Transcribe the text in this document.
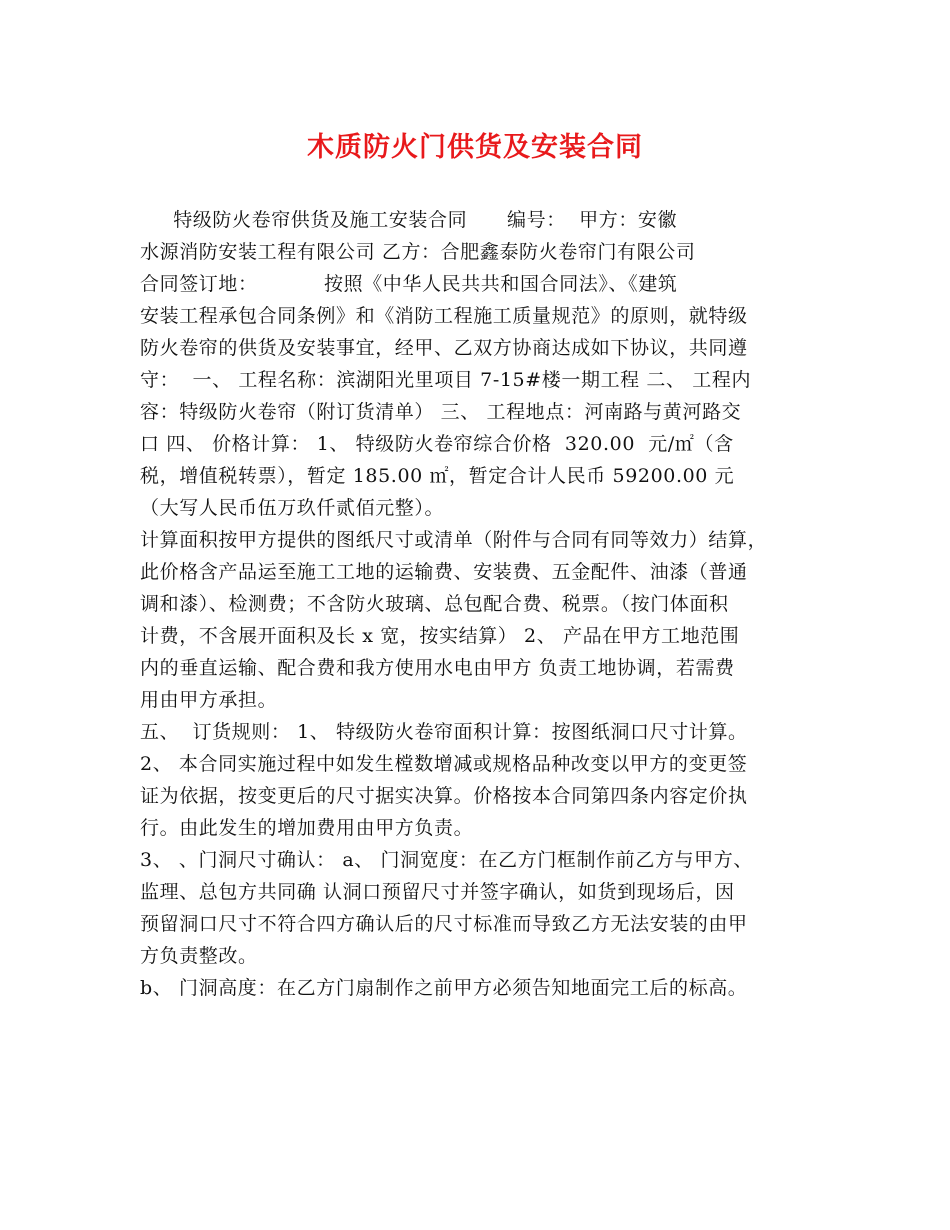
木质防火门供货及安装合同
特级防火卷帘供货及施工安装合同      编号：  甲方：安徽
水源消防安装工程有限公司 乙方：合肥鑫泰防火卷帘门有限公司
合同签订地：          按照《中华人民共共和国合同法》、《建筑
安装工程承包合同条例》和《消防工程施工质量规范》的原则，就特级
防火卷帘的供货及安装事宜，经甲、乙双方协商达成如下协议，共同遵
守：  一、 工程名称：滨湖阳光里项目 7-15#楼一期工程 二、 工程内
容：特级防火卷帘（附订货清单） 三、 工程地点：河南路与黄河路交
口 四、 价格计算： 1、 特级防火卷帘综合价格  320.00  元/㎡（含
税，增值税转票），暂定 185.00 ㎡，暂定合计人民币 59200.00 元
（大写人民币伍万玖仟贰佰元整）。
计算面积按甲方提供的图纸尺寸或清单（附件与合同有同等效力）结算，
此价格含产品运至施工工地的运输费、安装费、五金配件、油漆（普通
调和漆）、检测费；不含防火玻璃、总包配合费、税票。（按门体面积
计费，不含展开面积及长 x 宽，按实结算） 2、 产品在甲方工地范围
内的垂直运输、配合费和我方使用水电由甲方 负责工地协调，若需费
用由甲方承担。
五、  订货规则： 1、 特级防火卷帘面积计算：按图纸洞口尺寸计算。
2、 本合同实施过程中如发生樘数增减或规格品种改变以甲方的变更签
证为依据，按变更后的尺寸据实决算。价格按本合同第四条内容定价执
行。由此发生的增加费用由甲方负责。
3、 、门洞尺寸确认： a、 门洞宽度：在乙方门框制作前乙方与甲方、
监理、总包方共同确 认洞口预留尺寸并签字确认，如货到现场后，因
预留洞口尺寸不符合四方确认后的尺寸标准而导致乙方无法安装的由甲
方负责整改。
b、 门洞高度：在乙方门扇制作之前甲方必须告知地面完工后的标高。
